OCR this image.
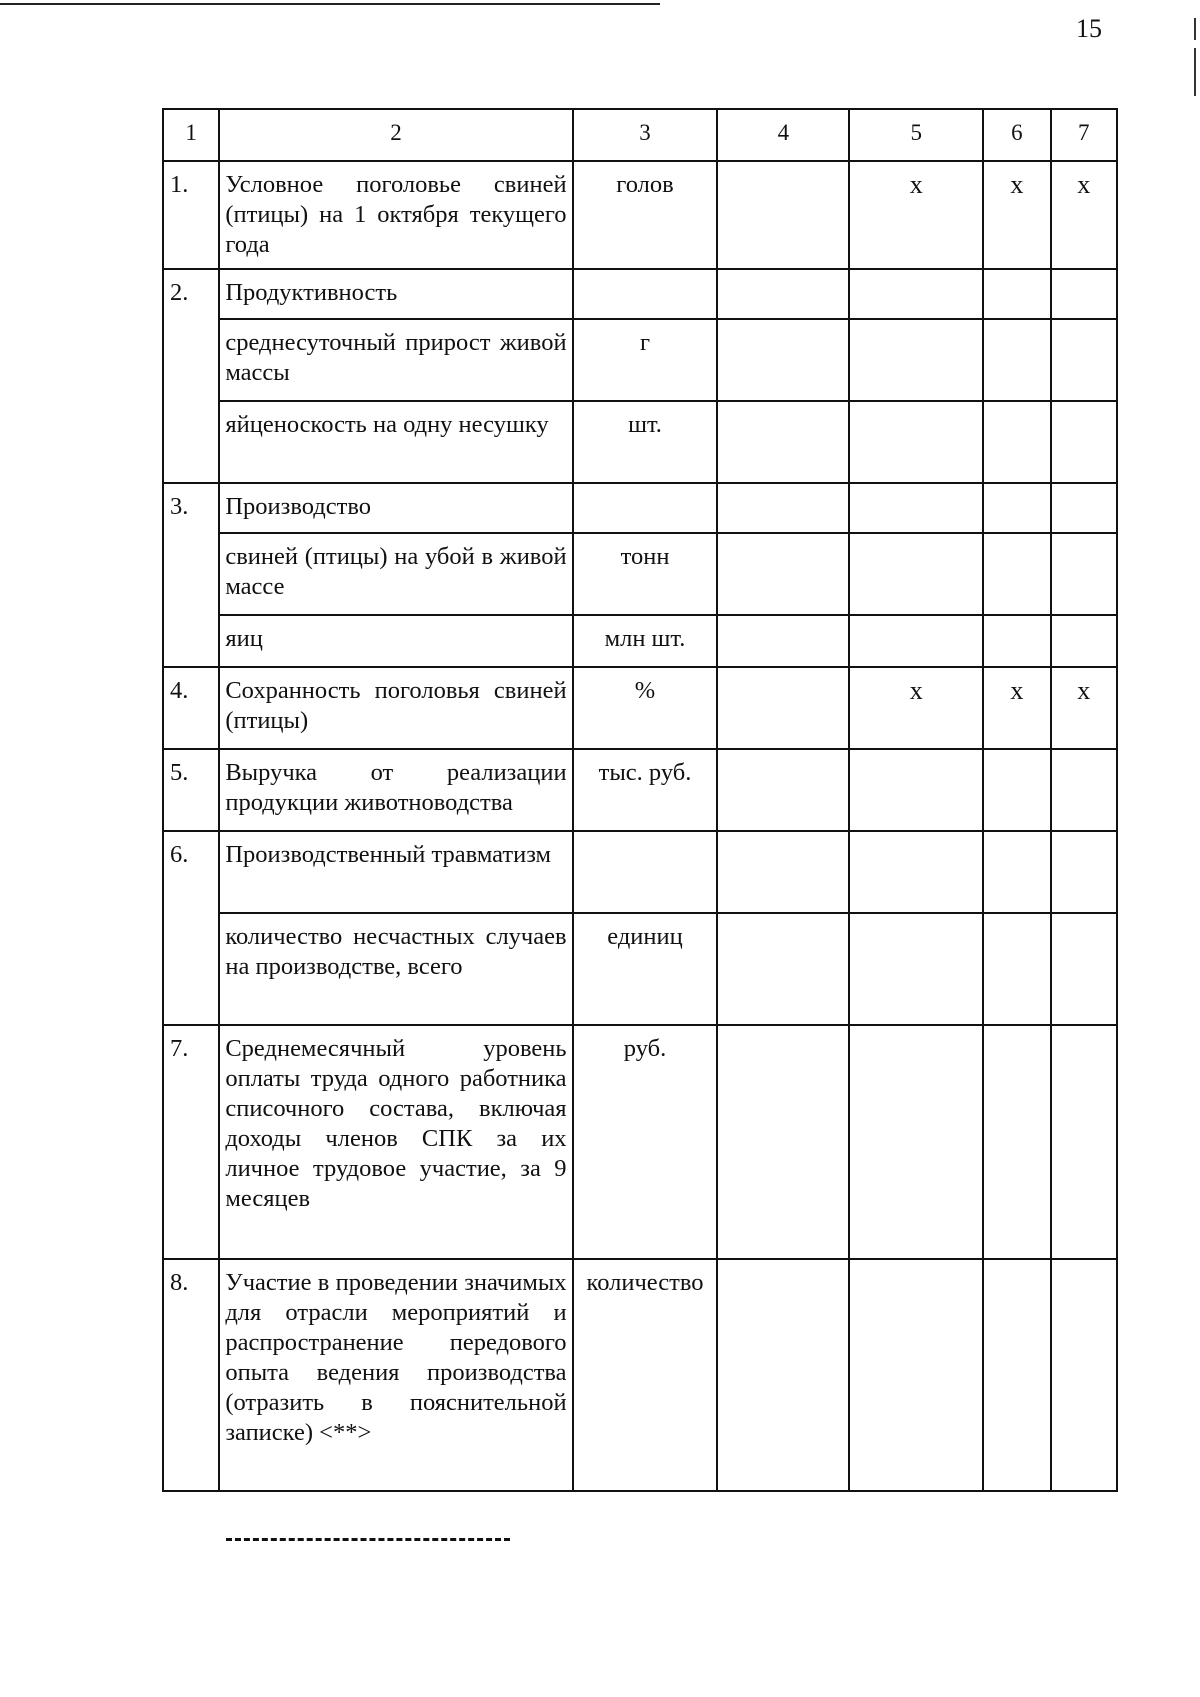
15
1	2	3	4	5	6	7
1.	Условное поголовье свиней (птицы) на 1 октября текущего года	голов		x	x	x
2.	Продуктивность					
	среднесуточный прирост живой массы	г				
	яйценоскость на одну несушку	шт.				
3.	Производство					
	свиней (птицы) на убой в живой массе	тонн				
	яиц	млн шт.				
4.	Сохранность поголовья свиней (птицы)	%		x	x	x
5.	Выручка от реализации продукции животноводства	тыс. руб.				
6.	Производственный травматизм					
	количество несчастных случаев на производстве, всего	единиц				
7.	Среднемесячный уровень оплаты труда одного работника списочного состава, включая доходы членов СПК за их личное трудовое участие, за 9 месяцев	руб.				
8.	Участие в проведении значимых для отрасли мероприятий и распространение передового опыта ведения производства (отразить в пояснительной записке) <**>	количество				
